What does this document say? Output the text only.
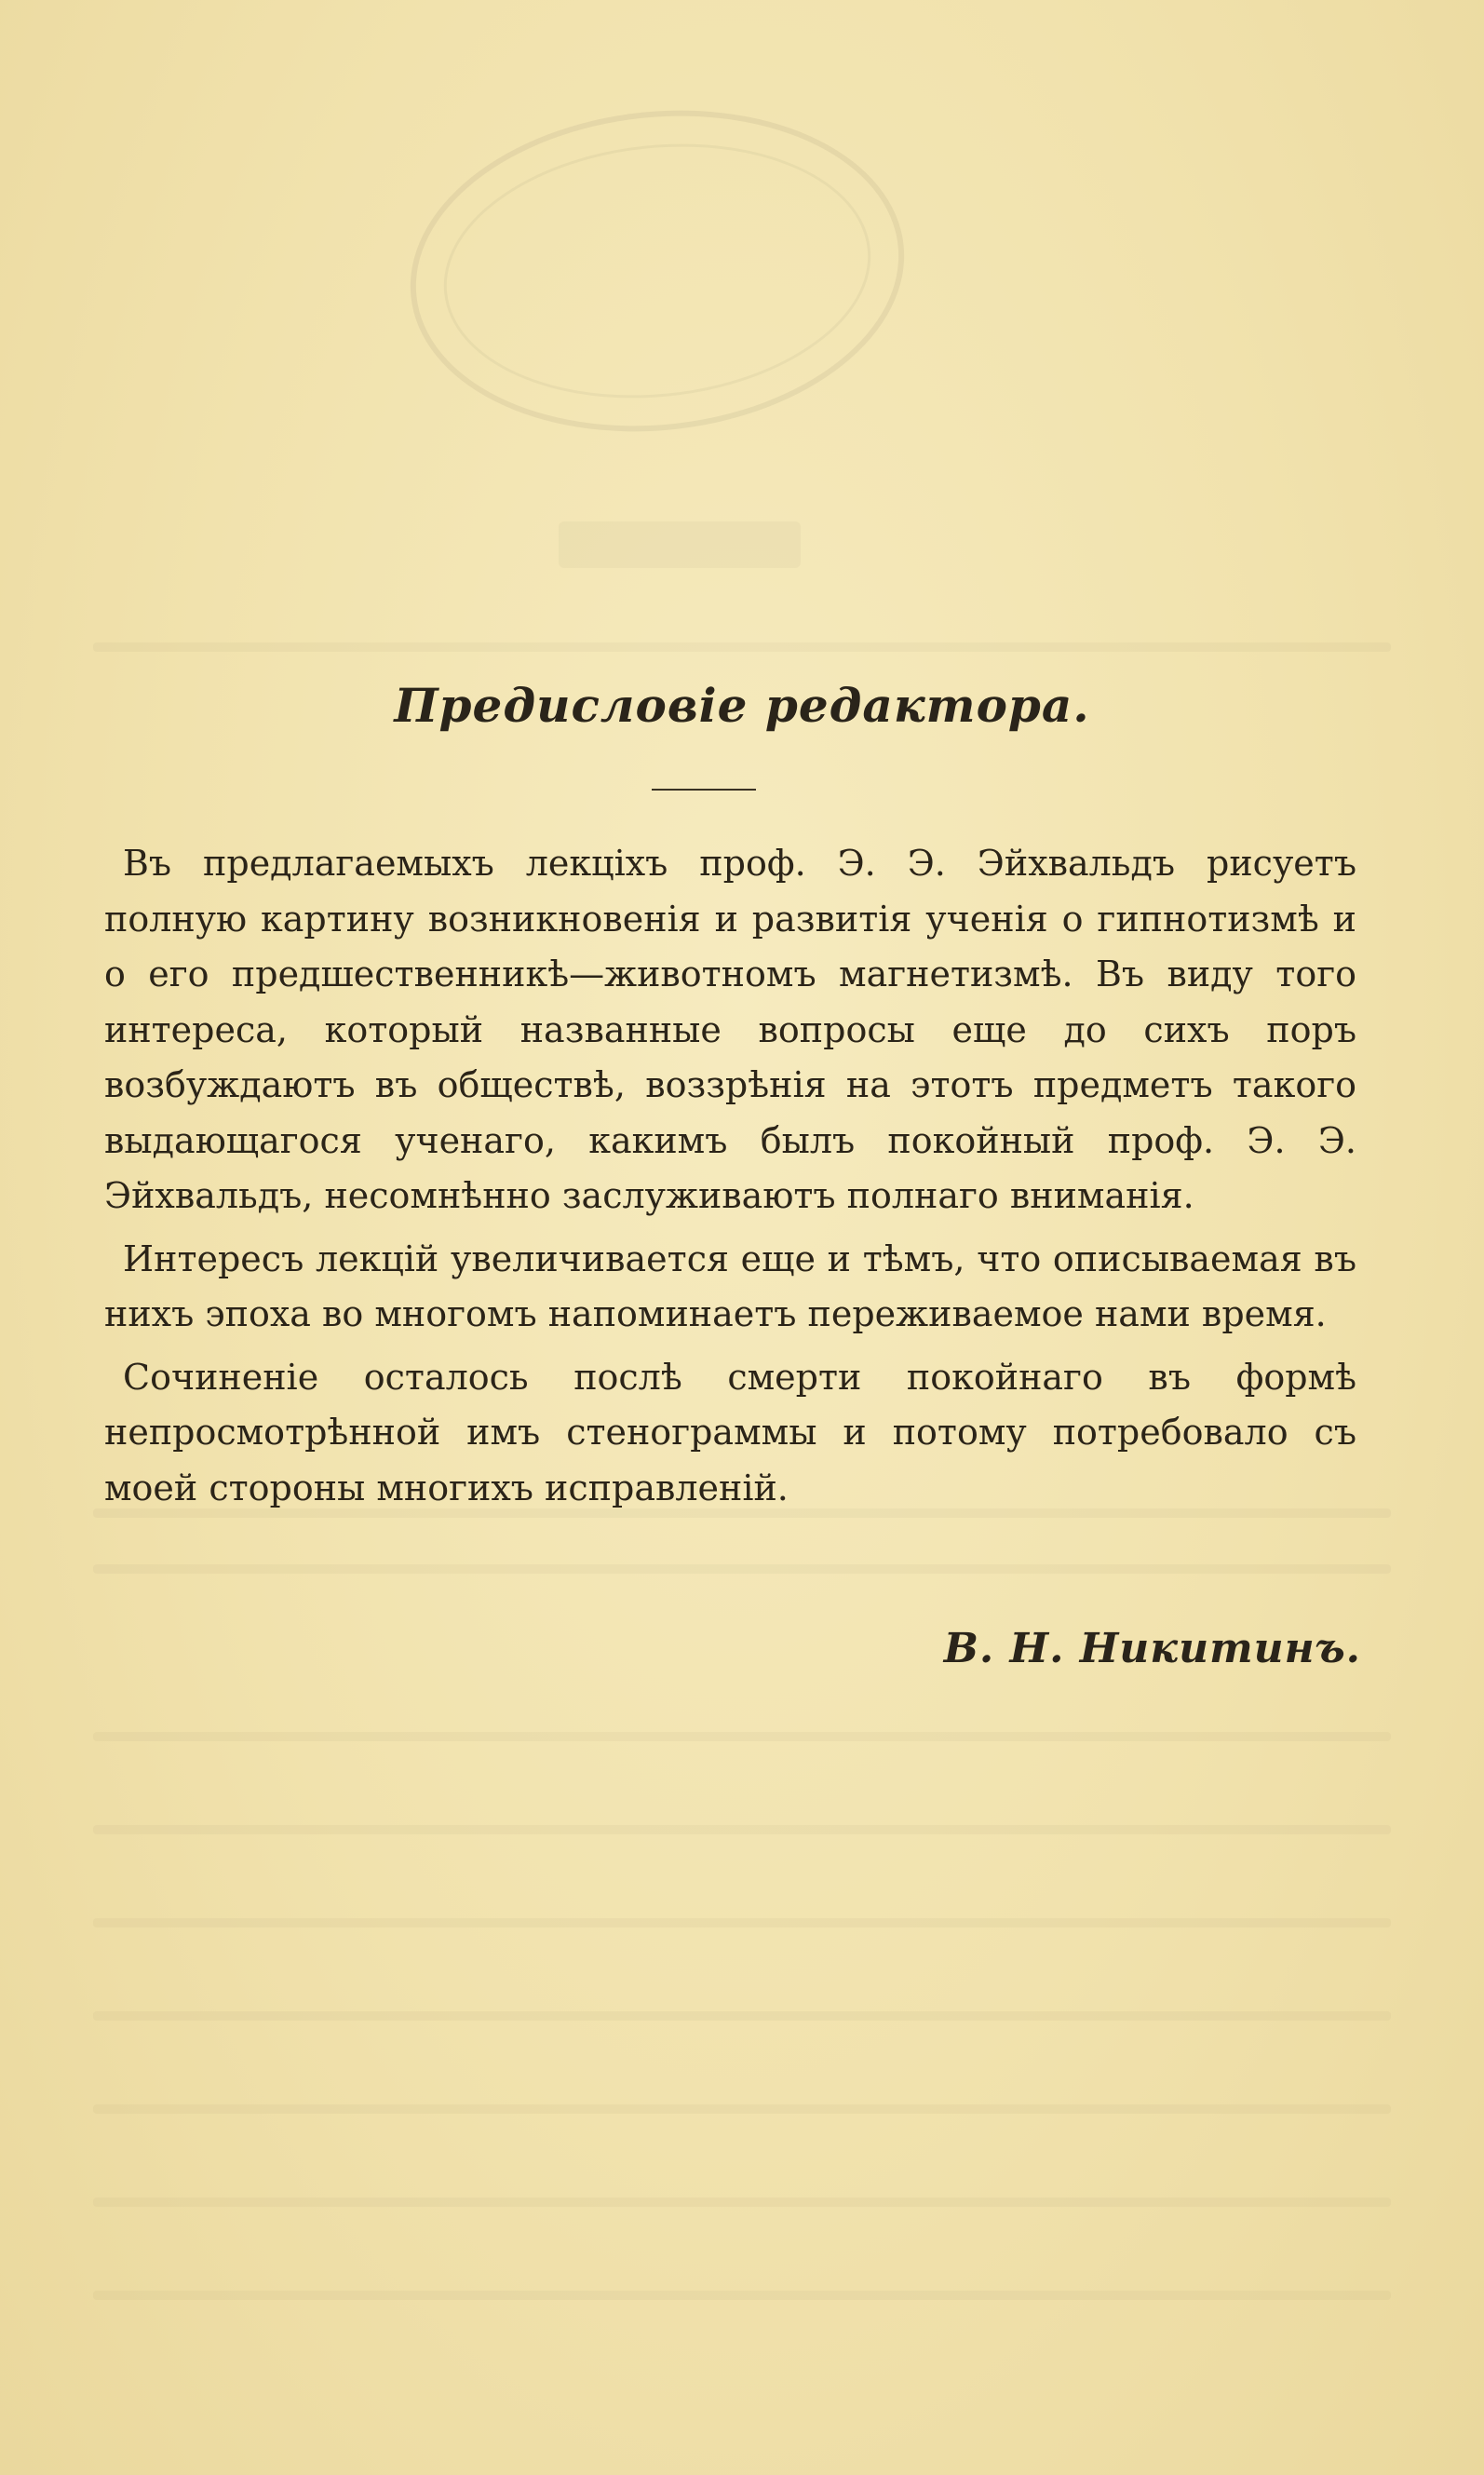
Предисловіе редактора.

Въ предлагаемыхъ лекціхъ проф. Э. Э. Эйхвальдъ рисуетъ полную картину возникновенія и развитія ученія о гипнотизмѣ и о его предшественникѣ—животномъ магнетизмѣ. Въ виду того интереса, который названные вопросы еще до сихъ поръ возбуждаютъ въ обществѣ, воззрѣнія на этотъ предметъ такого выдающагося ученаго, какимъ былъ покойный проф. Э. Э. Эйхвальдъ, несомнѣнно заслуживаютъ полнаго вниманія.

Интересъ лекцій увеличивается еще и тѣмъ, что описываемая въ нихъ эпоха во многомъ напоминаетъ переживаемое нами время.

Сочиненіе осталось послѣ смерти покойнаго въ формѣ непросмотрѣнной имъ стенограммы и потому потребовало съ моей стороны многихъ исправленій.

В. Н. Никитинъ.
